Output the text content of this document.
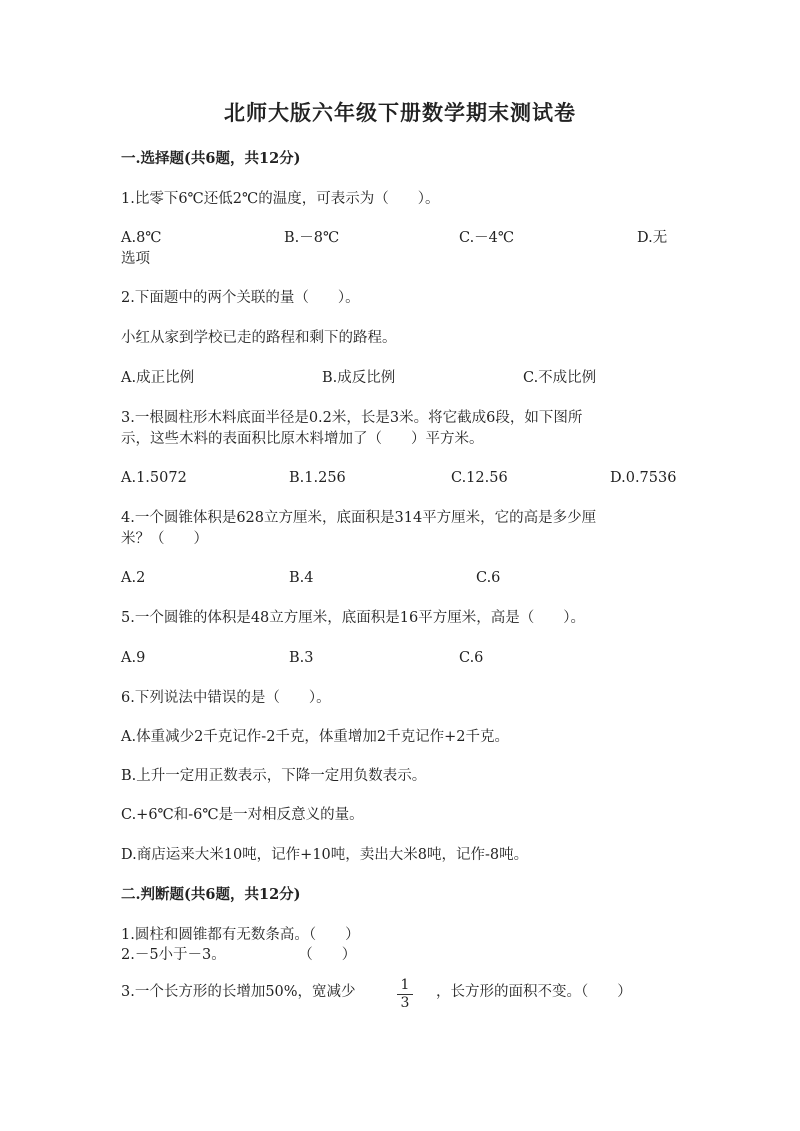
北师大版六年级下册数学期末测试卷
一.选择题(共6题，共12分)
1.比零下6℃还低2℃的温度，可表示为（　　）。
A.8℃	B.－8℃	C.－4℃	D.无
选项
2.下面题中的两个关联的量（　　）。
小红从家到学校已走的路程和剩下的路程。
A.成正比例	B.成反比例	C.不成比例
3.一根圆柱形木料底面半径是0.2米，长是3米。将它截成6段，如下图所
示，这些木料的表面积比原木料增加了（　　）平方米。
A.1.5072	B.1.256	C.12.56	D.0.7536
4.一个圆锥体积是628立方厘米，底面积是314平方厘米，它的高是多少厘
米？（　　）
A.2	B.4	C.6
5.一个圆锥的体积是48立方厘米，底面积是16平方厘米，高是（　　）。
A.9	B.3	C.6
6.下列说法中错误的是（　　）。
A.体重减少2千克记作-2千克，体重增加2千克记作+2千克。
B.上升一定用正数表示，下降一定用负数表示。
C.+6℃和-6℃是一对相反意义的量。
D.商店运来大米10吨，记作+10吨，卖出大米8吨，记作-8吨。
二.判断题(共6题，共12分)
1.圆柱和圆锥都有无数条高。（　　）
2.－5小于－3。　　　　　　（　　）
3.一个长方形的长增加50%，宽减少	1
3
，长方形的面积不变。（　　）
